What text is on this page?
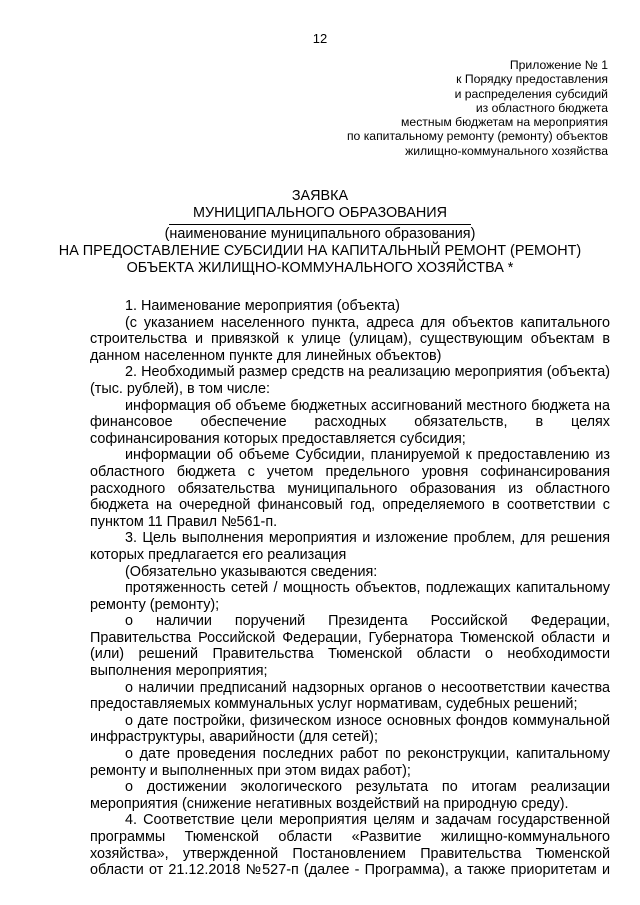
12
Приложение № 1
к Порядку предоставления
и распределения субсидий
из областного бюджета
местным бюджетам на мероприятия
по капитальному ремонту (ремонту) объектов
жилищно-коммунального хозяйства
ЗАЯВКА
МУНИЦИПАЛЬНОГО ОБРАЗОВАНИЯ
(наименование муниципального образования)
НА ПРЕДОСТАВЛЕНИЕ СУБСИДИИ НА КАПИТАЛЬНЫЙ РЕМОНТ (РЕМОНТ)
ОБЪЕКТА ЖИЛИЩНО-КОММУНАЛЬНОГО ХОЗЯЙСТВА *

1. Наименование мероприятия (объекта)

(с указанием населенного пункта, адреса для объектов капитального строительства и привязкой к улице (улицам), существующим объектам в данном населенном пункте для линейных объектов)

2. Необходимый размер средств на реализацию мероприятия (объекта) (тыс. рублей), в том числе:

информация об объеме бюджетных ассигнований местного бюджета на финансовое обеспечение расходных обязательств, в целях софинансирования которых предоставляется субсидия;

информации об объеме Субсидии, планируемой к предоставлению из областного бюджета с учетом предельного уровня софинансирования расходного обязательства муниципального образования из областного бюджета на очередной финансовый год, определяемого в соответствии с пунктом 11 Правил №561-п.

3. Цель выполнения мероприятия и изложение проблем, для решения которых предлагается его реализация

(Обязательно указываются сведения:

протяженность сетей / мощность объектов, подлежащих капитальному ремонту (ремонту);

о наличии поручений Президента Российской Федерации, Правительства Российской Федерации, Губернатора Тюменской области и (или) решений Правительства Тюменской области о необходимости выполнения мероприятия;

о наличии предписаний надзорных органов о несоответствии качества предоставляемых коммунальных услуг нормативам, судебных решений;

о дате постройки, физическом износе основных фондов коммунальной инфраструктуры, аварийности (для сетей);

о дате проведения последних работ по реконструкции, капитальному ремонту и выполненных при этом видах работ);

о достижении экологического результата по итогам реализации мероприятия (снижение негативных воздействий на природную среду).

4. Соответствие цели мероприятия целям и задачам государственной программы Тюменской области «Развитие жилищно-коммунального хозяйства», утвержденной Постановлением Правительства Тюменской области от 21.12.2018 №527-п (далее - Программа), а также приоритетам и
